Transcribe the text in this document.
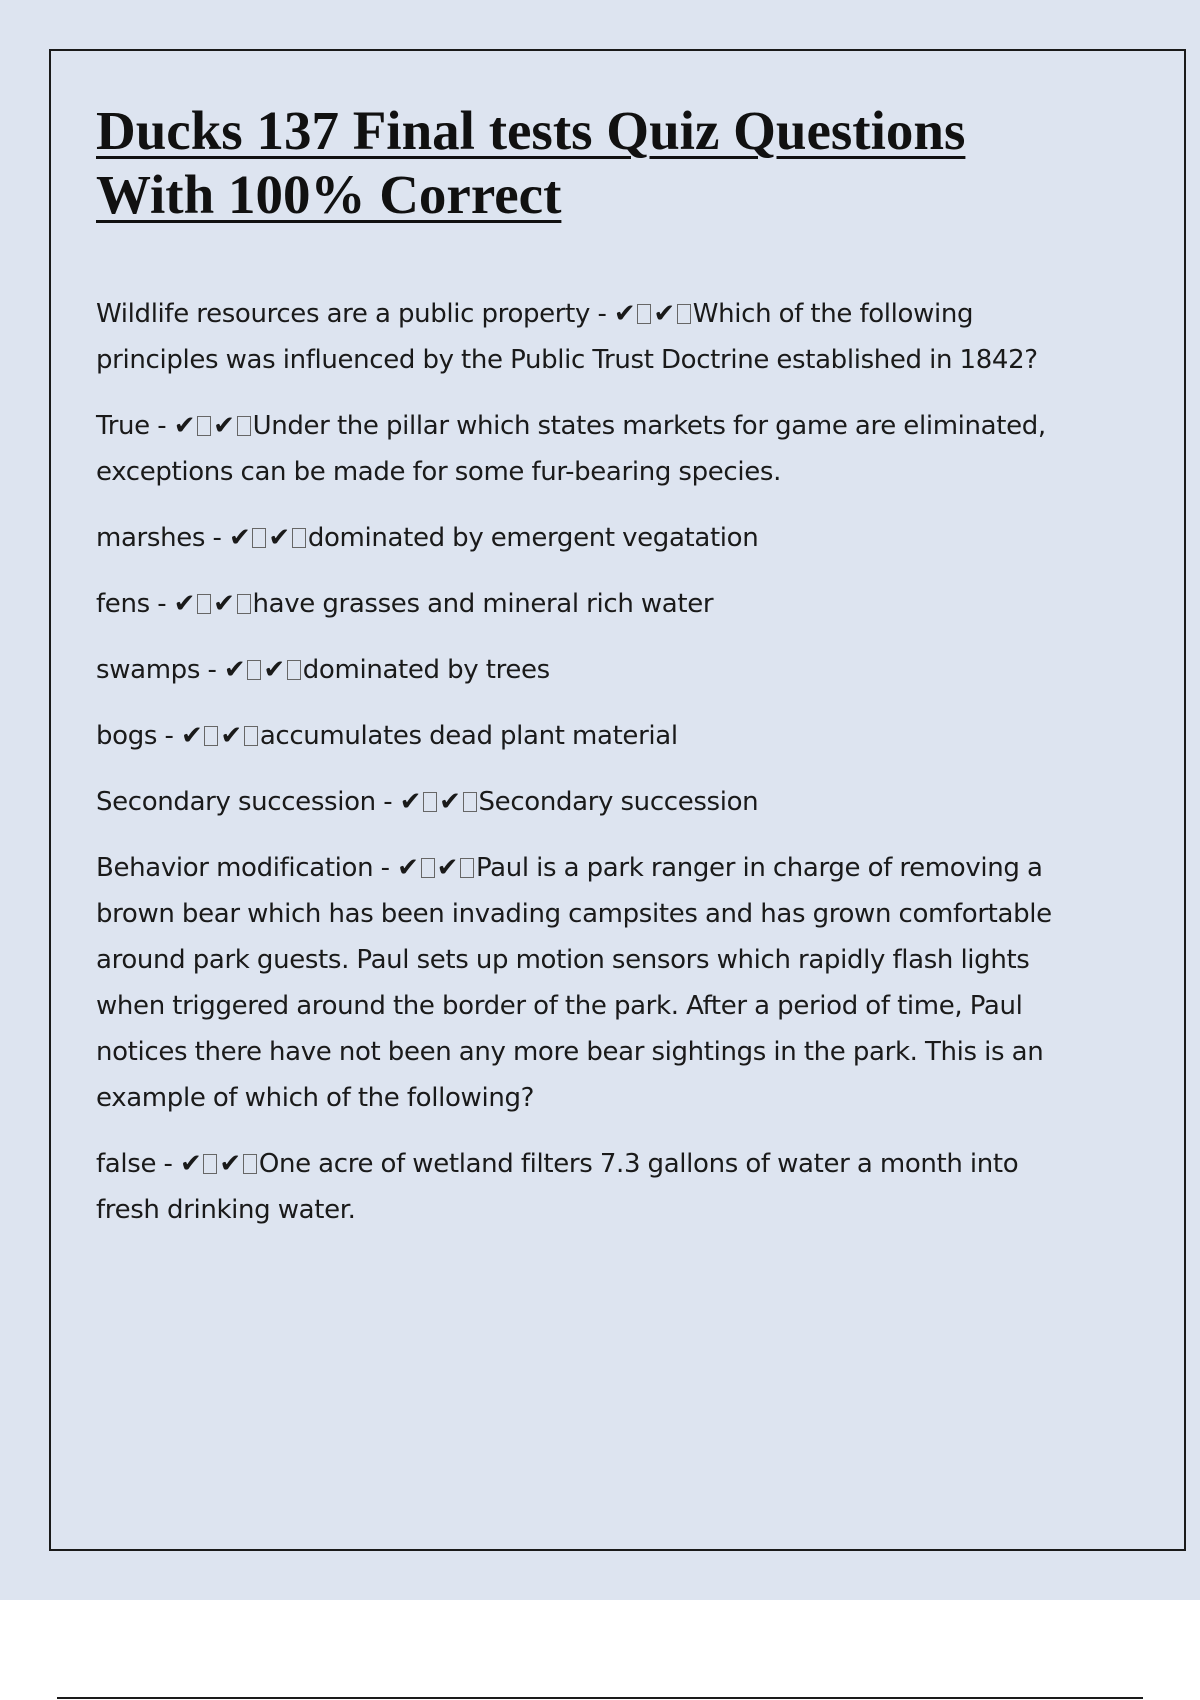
Ducks 137 Final tests Quiz Questions With 100% Correct

Wildlife resources are a public property - ✔ ✔ Which of the following principles was influenced by the Public Trust Doctrine established in 1842?

True - ✔ ✔ Under the pillar which states markets for game are eliminated, exceptions can be made for some fur-bearing species.

marshes - ✔ ✔ dominated by emergent vegatation

fens - ✔ ✔ have grasses and mineral rich water

swamps - ✔ ✔ dominated by trees

bogs - ✔ ✔ accumulates dead plant material

Secondary succession - ✔ ✔ Secondary succession

Behavior modification - ✔ ✔ Paul is a park ranger in charge of removing a brown bear which has been invading campsites and has grown comfortable around park guests. Paul sets up motion sensors which rapidly flash lights when triggered around the border of the park. After a period of time, Paul notices there have not been any more bear sightings in the park. This is an example of which of the following?

false - ✔ ✔ One acre of wetland filters 7.3 gallons of water a month into fresh drinking water.
